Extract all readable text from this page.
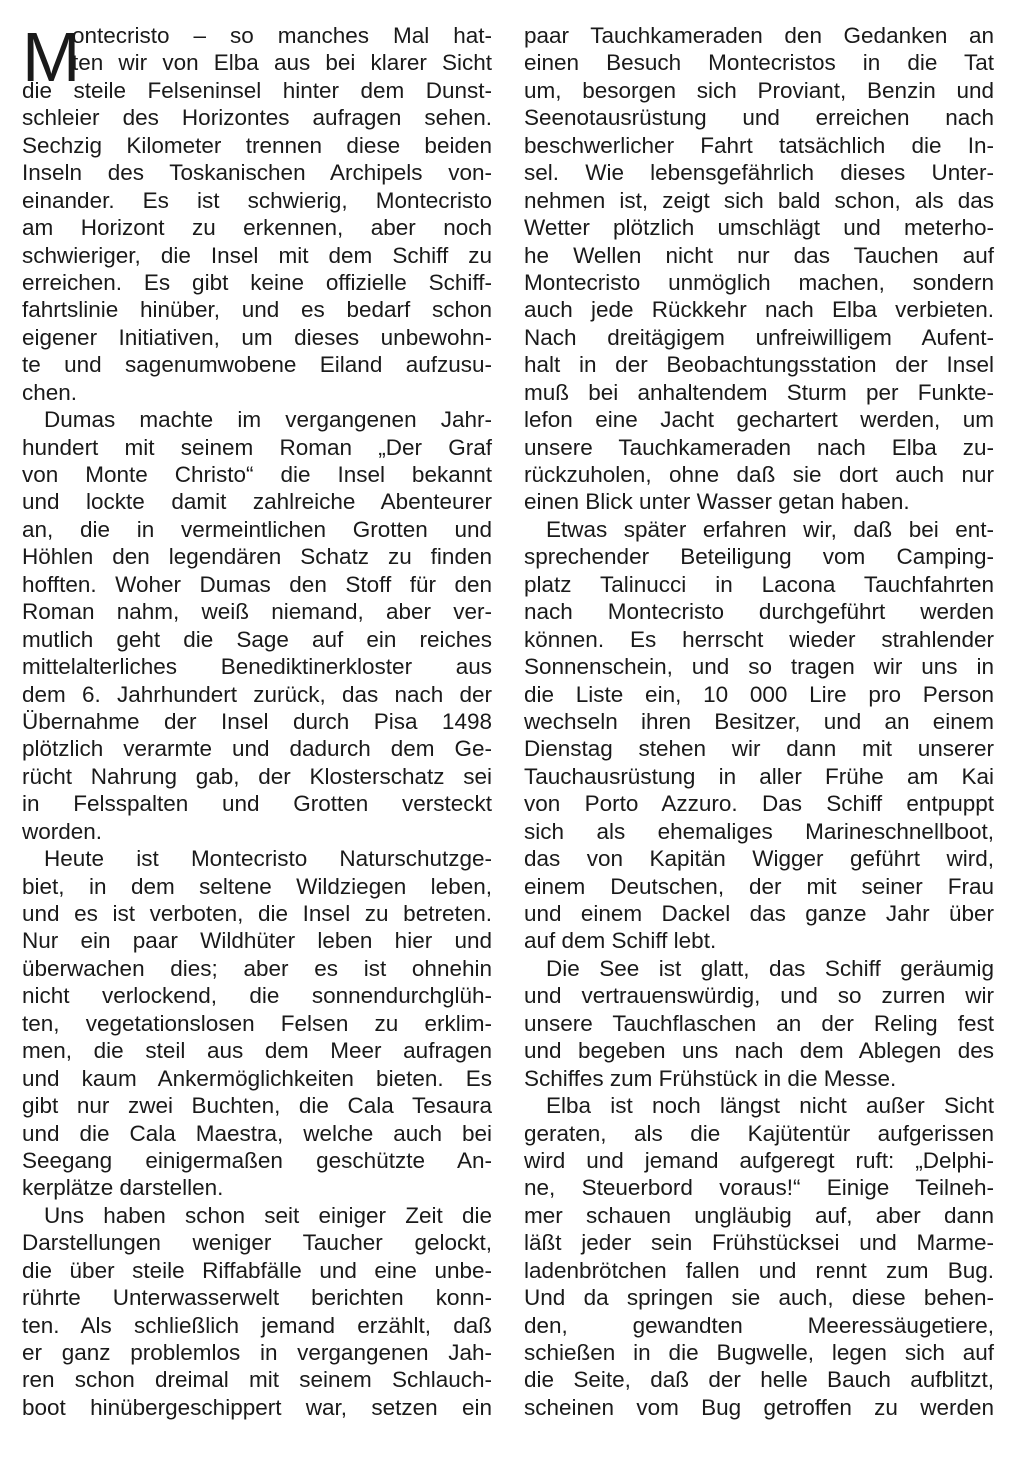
M
ontecristo – so manches Mal hat-
ten wir von Elba aus bei klarer Sicht
die steile Felseninsel hinter dem Dunst-
schleier des Horizontes aufragen sehen.
Sechzig Kilometer trennen diese beiden
Inseln des Toskanischen Archipels von-
einander. Es ist schwierig, Montecristo
am Horizont zu erkennen, aber noch
schwieriger, die Insel mit dem Schiff zu
erreichen. Es gibt keine offizielle Schiff-
fahrtslinie hinüber, und es bedarf schon
eigener Initiativen, um dieses unbewohn-
te und sagenumwobene Eiland aufzusu-
chen.
Dumas machte im vergangenen Jahr-
hundert mit seinem Roman „Der Graf
von Monte Christo“ die Insel bekannt
und lockte damit zahlreiche Abenteurer
an, die in vermeintlichen Grotten und
Höhlen den legendären Schatz zu finden
hofften. Woher Dumas den Stoff für den
Roman nahm, weiß niemand, aber ver-
mutlich geht die Sage auf ein reiches
mittelalterliches Benediktinerkloster aus
dem 6. Jahrhundert zurück, das nach der
Übernahme der Insel durch Pisa 1498
plötzlich verarmte und dadurch dem Ge-
rücht Nahrung gab, der Klosterschatz sei
in Felsspalten und Grotten versteckt
worden.
Heute ist Montecristo Naturschutzge-
biet, in dem seltene Wildziegen leben,
und es ist verboten, die Insel zu betreten.
Nur ein paar Wildhüter leben hier und
überwachen dies; aber es ist ohnehin
nicht verlockend, die sonnendurchglüh-
ten, vegetationslosen Felsen zu erklim-
men, die steil aus dem Meer aufragen
und kaum Ankermöglichkeiten bieten. Es
gibt nur zwei Buchten, die Cala Tesaura
und die Cala Maestra, welche auch bei
Seegang einigermaßen geschützte An-
kerplätze darstellen.
Uns haben schon seit einiger Zeit die
Darstellungen weniger Taucher gelockt,
die über steile Riffabfälle und eine unbe-
rührte Unterwasserwelt berichten konn-
ten. Als schließlich jemand erzählt, daß
er ganz problemlos in vergangenen Jah-
ren schon dreimal mit seinem Schlauch-
boot hinübergeschippert war, setzen ein
paar Tauchkameraden den Gedanken an
einen Besuch Montecristos in die Tat
um, besorgen sich Proviant, Benzin und
Seenotausrüstung und erreichen nach
beschwerlicher Fahrt tatsächlich die In-
sel. Wie lebensgefährlich dieses Unter-
nehmen ist, zeigt sich bald schon, als das
Wetter plötzlich umschlägt und meterho-
he Wellen nicht nur das Tauchen auf
Montecristo unmöglich machen, sondern
auch jede Rückkehr nach Elba verbieten.
Nach dreitägigem unfreiwilligem Aufent-
halt in der Beobachtungsstation der Insel
muß bei anhaltendem Sturm per Funkte-
lefon eine Jacht gechartert werden, um
unsere Tauchkameraden nach Elba zu-
rückzuholen, ohne daß sie dort auch nur
einen Blick unter Wasser getan haben.
Etwas später erfahren wir, daß bei ent-
sprechender Beteiligung vom Camping-
platz Talinucci in Lacona Tauchfahrten
nach Montecristo durchgeführt werden
können. Es herrscht wieder strahlender
Sonnenschein, und so tragen wir uns in
die Liste ein, 10 000 Lire pro Person
wechseln ihren Besitzer, und an einem
Dienstag stehen wir dann mit unserer
Tauchausrüstung in aller Frühe am Kai
von Porto Azzuro. Das Schiff entpuppt
sich als ehemaliges Marineschnellboot,
das von Kapitän Wigger geführt wird,
einem Deutschen, der mit seiner Frau
und einem Dackel das ganze Jahr über
auf dem Schiff lebt.
Die See ist glatt, das Schiff geräumig
und vertrauenswürdig, und so zurren wir
unsere Tauchflaschen an der Reling fest
und begeben uns nach dem Ablegen des
Schiffes zum Frühstück in die Messe.
Elba ist noch längst nicht außer Sicht
geraten, als die Kajütentür aufgerissen
wird und jemand aufgeregt ruft: „Delphi-
ne, Steuerbord voraus!“ Einige Teilneh-
mer schauen ungläubig auf, aber dann
läßt jeder sein Frühstücksei und Marme-
ladenbrötchen fallen und rennt zum Bug.
Und da springen sie auch, diese behen-
den, gewandten Meeressäugetiere,
schießen in die Bugwelle, legen sich auf
die Seite, daß der helle Bauch aufblitzt,
scheinen vom Bug getroffen zu werden
